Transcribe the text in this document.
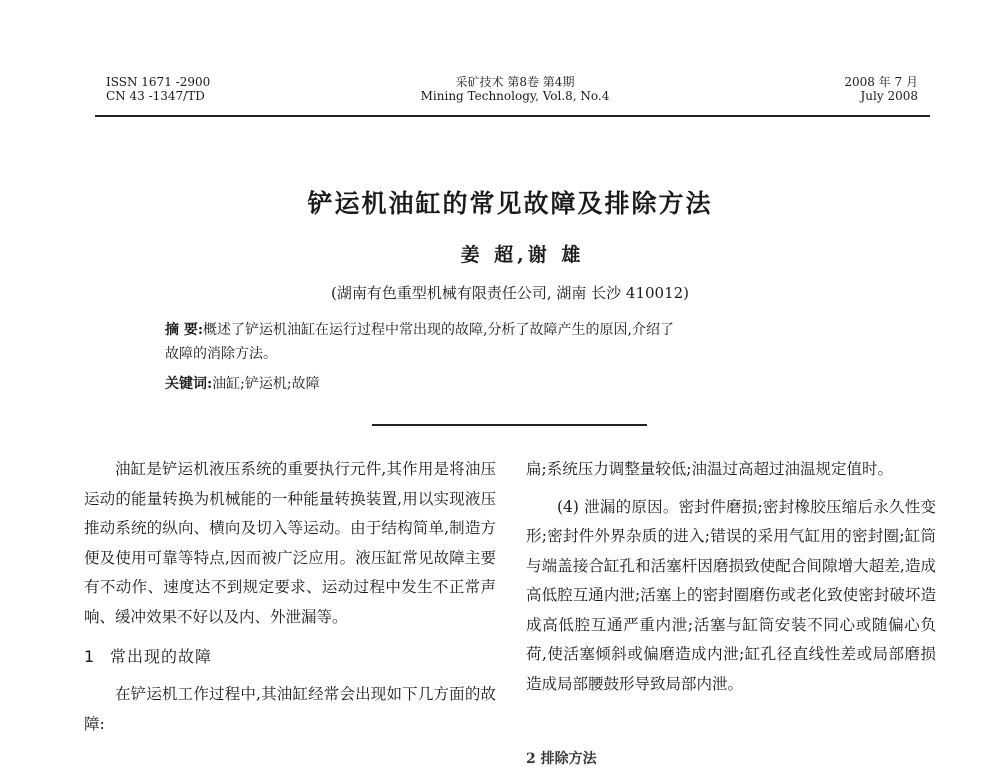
ISSN 1671 -2900
CN 43 -1347/TD
采矿技术 第8卷 第4期
Mining Technology, Vol.8, No.4
2008 年 7 月
July 2008
铲运机油缸的常见故障及排除方法
姜 超,谢 雄
(湖南有色重型机械有限责任公司, 湖南 长沙 410012)
摘 要:概述了铲运机油缸在运行过程中常出现的故障,分析了故障产生的原因,介绍了
故障的消除方法。
关键词:油缸;铲运机;故障

油缸是铲运机液压系统的重要执行元件,其作用是将油压运动的能量转换为机械能的一种能量转换装置,用以实现液压推动系统的纵向、横向及切入等运动。由于结构简单,制造方便及使用可靠等特点,因而被广泛应用。液压缸常见故障主要有不动作、速度达不到规定要求、运动过程中发生不正常声响、缓冲效果不好以及内、外泄漏等。

1 常出现的故障

在铲运机工作过程中,其油缸经常会出现如下几方面的故障:

扁;系统压力调整量较低;油温过高超过油温规定值时。

(4) 泄漏的原因。密封件磨损;密封橡胶压缩后永久性变形;密封件外界杂质的进入;错误的采用气缸用的密封圈;缸筒与端盖接合缸孔和活塞杆因磨损致使配合间隙增大超差,造成高低腔互通内泄;活塞上的密封圈磨伤或老化致使密封破坏造成高低腔互通严重内泄;活塞与缸筒安装不同心或随偏心负荷,使活塞倾斜或偏磨造成内泄;缸孔径直线性差或局部磨损造成局部腰鼓形导致局部内泄。

2 排除方法
